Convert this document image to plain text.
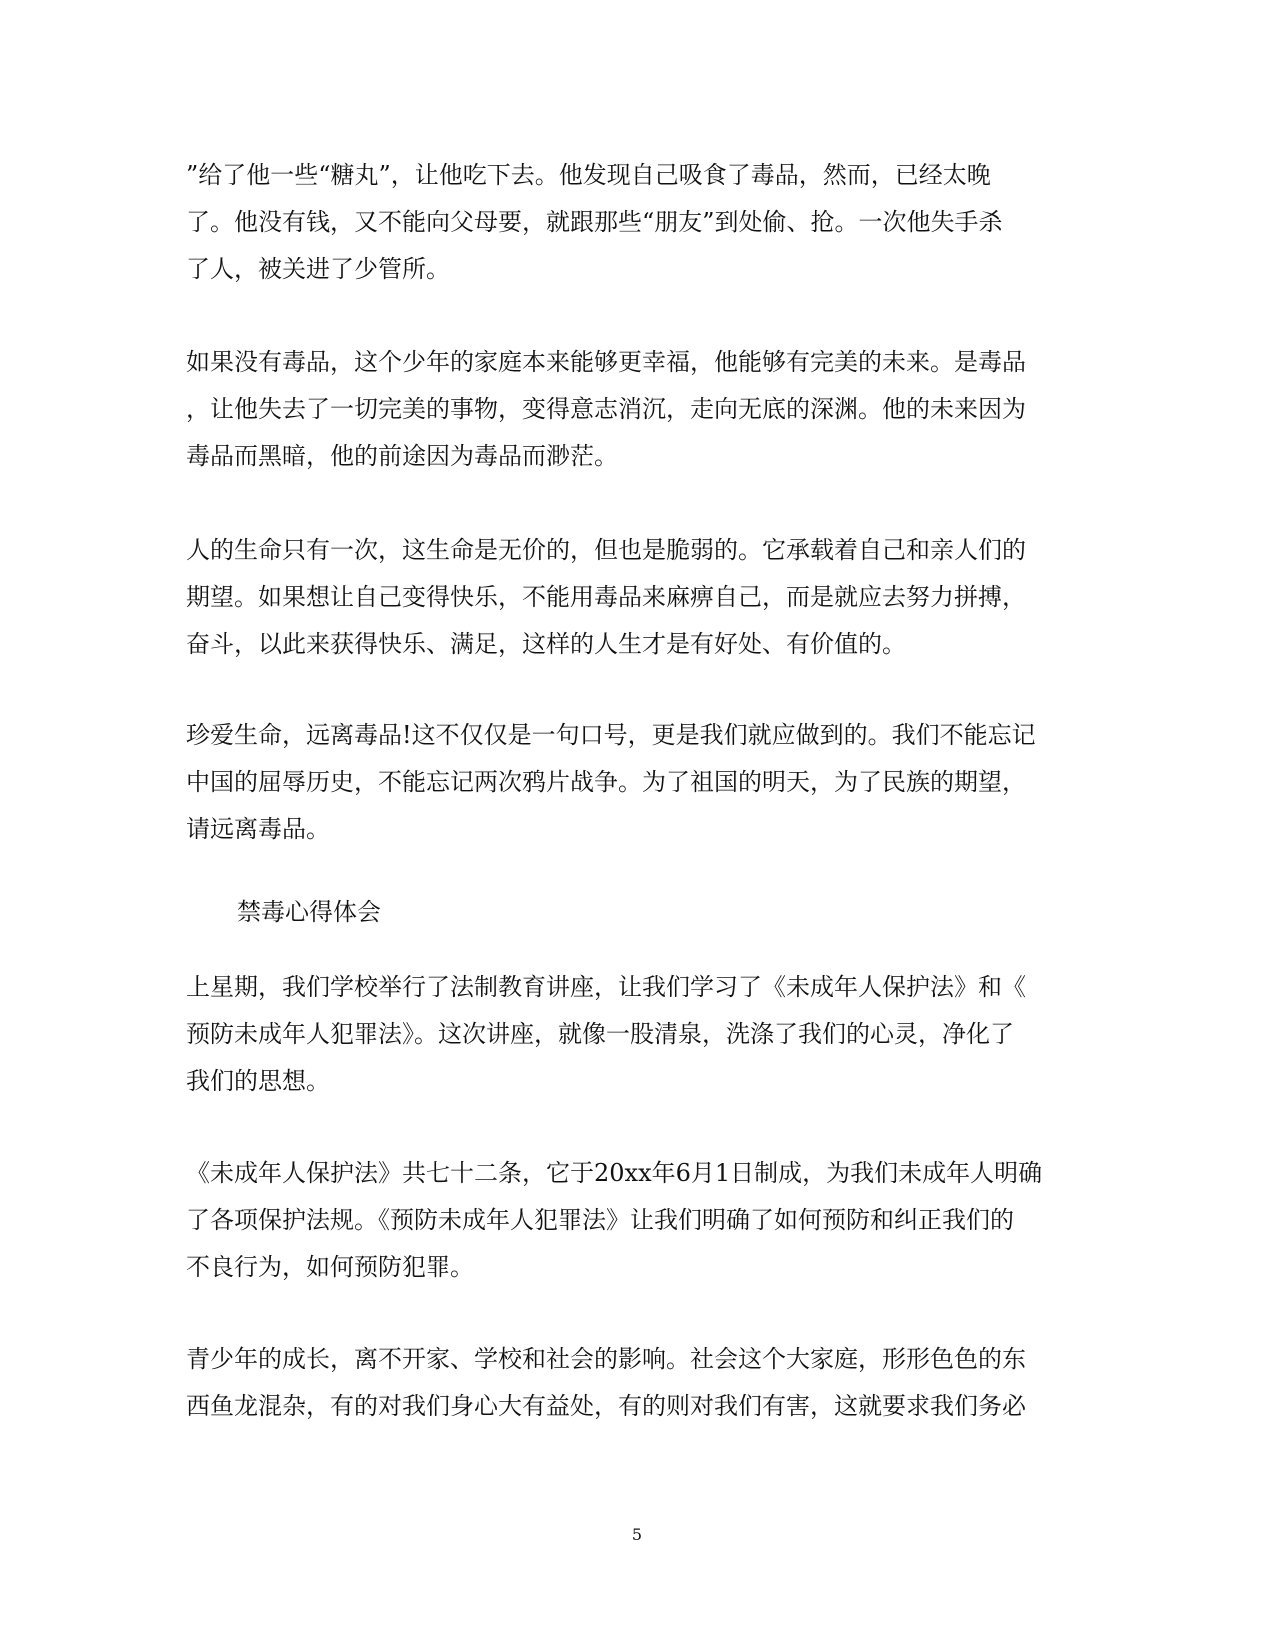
”给了他一些“糖丸”，让他吃下去。他发现自己吸食了毒品，然而，已经太晚
了。他没有钱，又不能向父母要，就跟那些“朋友”到处偷、抢。一次他失手杀
了人，被关进了少管所。

如果没有毒品，这个少年的家庭本来能够更幸福，他能够有完美的未来。是毒品
，让他失去了一切完美的事物，变得意志消沉，走向无底的深渊。他的未来因为
毒品而黑暗，他的前途因为毒品而渺茫。

人的生命只有一次，这生命是无价的，但也是脆弱的。它承载着自己和亲人们的
期望。如果想让自己变得快乐，不能用毒品来麻痹自己，而是就应去努力拼搏，
奋斗，以此来获得快乐、满足，这样的人生才是有好处、有价值的。

珍爱生命，远离毒品!这不仅仅是一句口号，更是我们就应做到的。我们不能忘记
中国的屈辱历史，不能忘记两次鸦片战争。为了祖国的明天，为了民族的期望，
请远离毒品。

禁毒心得体会

上星期，我们学校举行了法制教育讲座，让我们学习了《未成年人保护法》和《
预防未成年人犯罪法》。这次讲座，就像一股清泉，洗涤了我们的心灵，净化了
我们的思想。

《未成年人保护法》共七十二条，它于20xx年6月1日制成，为我们未成年人明确
了各项保护法规。《预防未成年人犯罪法》让我们明确了如何预防和纠正我们的
不良行为，如何预防犯罪。

青少年的成长，离不开家、学校和社会的影响。社会这个大家庭，形形色色的东
西鱼龙混杂，有的对我们身心大有益处，有的则对我们有害，这就要求我们务必

5
